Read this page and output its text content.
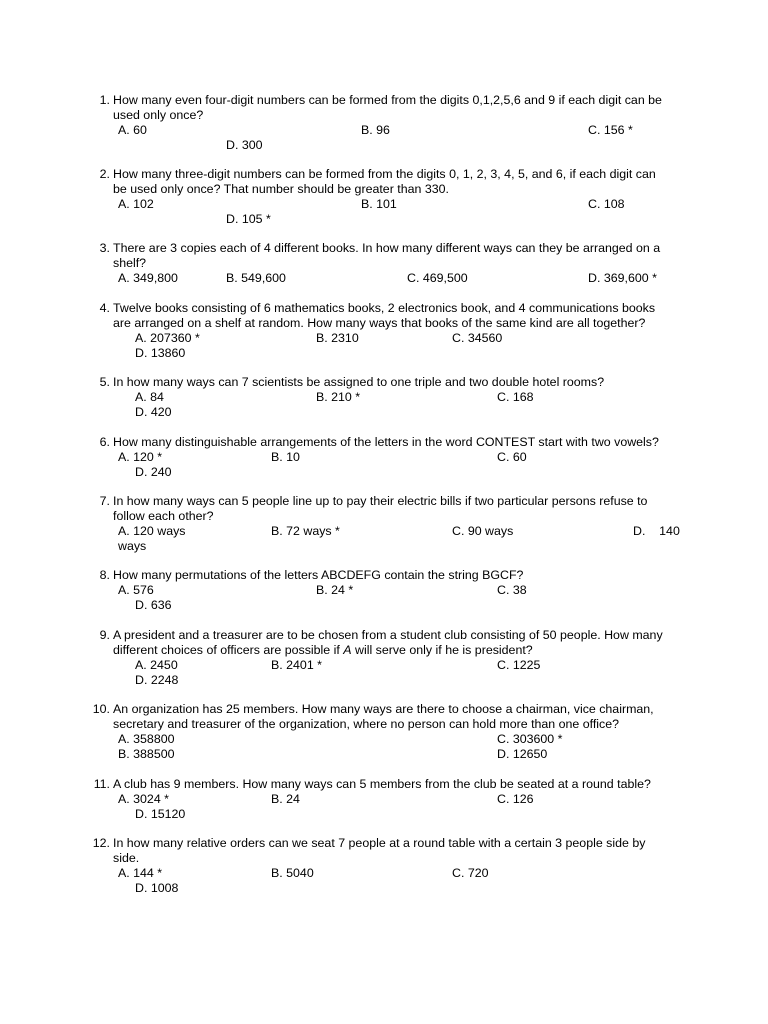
1. How many even four-digit numbers can be formed from the digits 0,1,2,5,6 and 9 if each digit can be
used only once?
A. 60	B. 96	C. 156 *
D. 300
2. How many three-digit numbers can be formed from the digits 0, 1, 2, 3, 4, 5, and 6, if each digit can
be used only once? That number should be greater than 330.
A. 102	B. 101	C. 108
D. 105 *
3. There are 3 copies each of 4 different books. In how many different ways can they be arranged on a
shelf?
A. 349,800	B. 549,600	C. 469,500	D. 369,600 *
4. Twelve books consisting of 6 mathematics books, 2 electronics book, and 4 communications books
are arranged on a shelf at random. How many ways that books of the same kind are all together?
A. 207360 *	B. 2310	C. 34560
D. 13860
5. In how many ways can 7 scientists be assigned to one triple and two double hotel rooms?
A. 84	B. 210 *	C. 168
D. 420
6. How many distinguishable arrangements of the letters in the word CONTEST start with two vowels?
A. 120 *	B. 10	C. 60
D. 240
7. In how many ways can 5 people line up to pay their electric bills if two particular persons refuse to
follow each other?
A. 120 ways	B. 72 ways *	C. 90 ways	D.    140
ways
8. How many permutations of the letters ABCDEFG contain the string BGCF?
A. 576	B. 24 *	C. 38
D. 636
9. A president and a treasurer are to be chosen from a student club consisting of 50 people. How many
different choices of officers are possible if A will serve only if he is president?
A. 2450	B. 2401 *	C. 1225
D. 2248
10. An organization has 25 members. How many ways are there to choose a chairman, vice chairman,
secretary and treasurer of the organization, where no person can hold more than one office?
A. 358800	C. 303600 *
B. 388500	D. 12650
11. A club has 9 members. How many ways can 5 members from the club be seated at a round table?
A. 3024 *	B. 24	C. 126
D. 15120
12. In how many relative orders can we seat 7 people at a round table with a certain 3 people side by
side.
A. 144 *	B. 5040	C. 720
D. 1008
